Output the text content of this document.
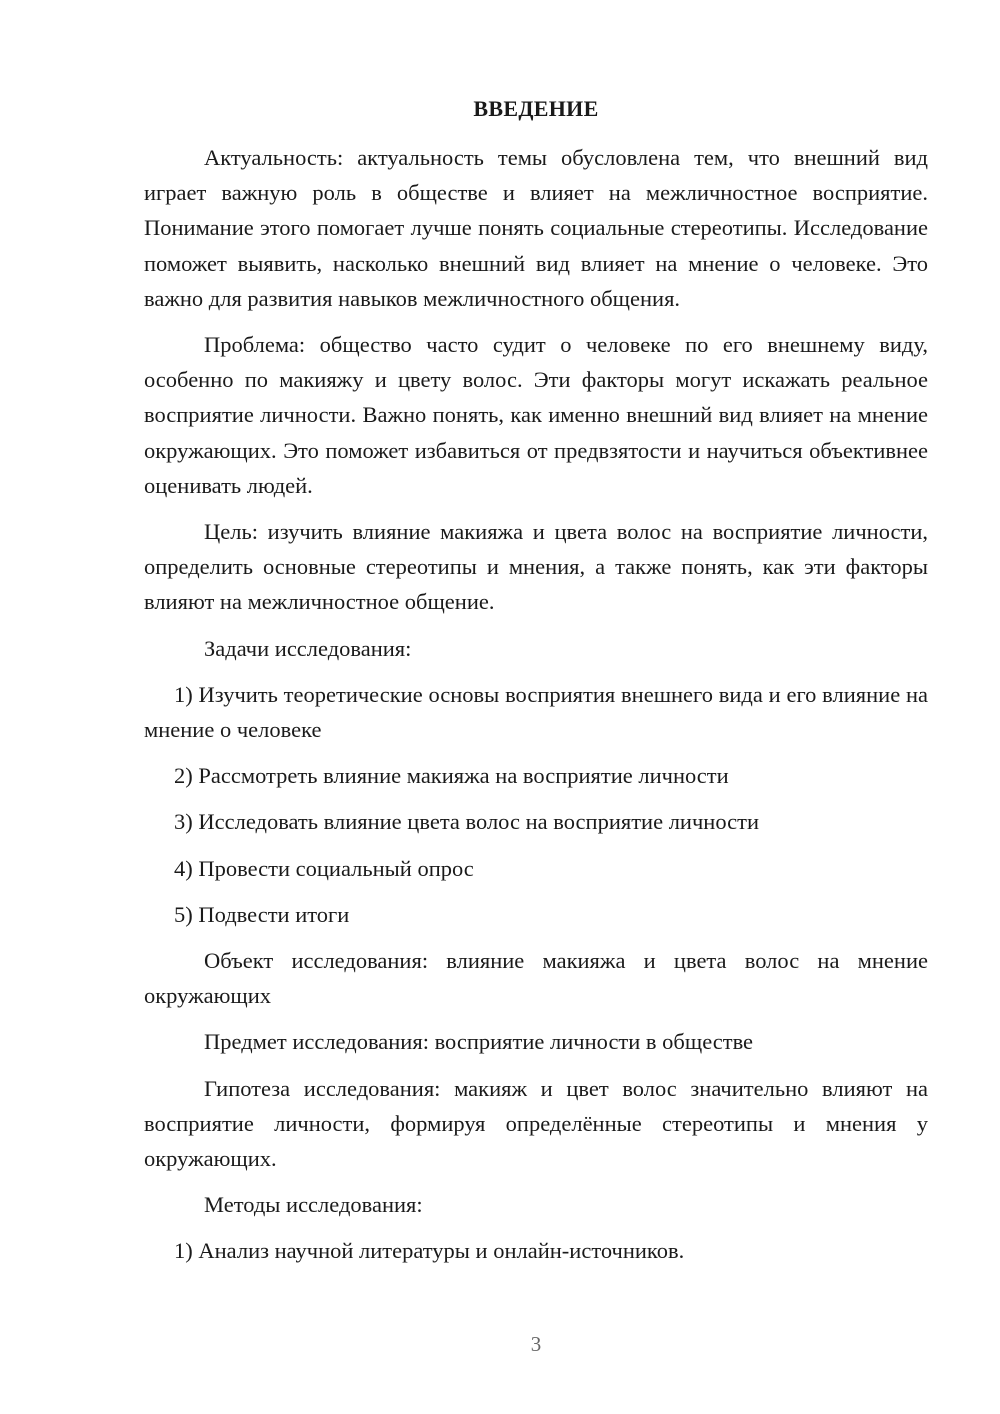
ВВЕДЕНИЕ

Актуальность: актуальность темы обусловлена тем, что внешний вид играет важную роль в обществе и влияет на межличностное восприятие. Понимание этого помогает лучше понять социальные стереотипы. Исследование поможет выявить, насколько внешний вид влияет на мнение о человеке. Это важно для развития навыков межличностного общения.

Проблема: общество часто судит о человеке по его внешнему виду, особенно по макияжу и цвету волос. Эти факторы могут искажать реальное восприятие личности. Важно понять, как именно внешний вид влияет на мнение окружающих. Это поможет избавиться от предвзятости и научиться объективнее оценивать людей.

Цель: изучить влияние макияжа и цвета волос на восприятие личности, определить основные стереотипы и мнения, а также понять, как эти факторы влияют на межличностное общение.

Задачи исследования:

1) Изучить теоретические основы восприятия внешнего вида и его влияние на мнение о человеке

2) Рассмотреть влияние макияжа на восприятие личности

3) Исследовать влияние цвета волос на восприятие личности

4) Провести социальный опрос

5) Подвести итоги

Объект исследования: влияние макияжа и цвета волос на мнение окружающих

Предмет исследования: восприятие личности в обществе

Гипотеза исследования: макияж и цвет волос значительно влияют на восприятие личности, формируя определённые стереотипы и мнения у окружающих.

Методы исследования:

1) Анализ научной литературы и онлайн-источников.

3
